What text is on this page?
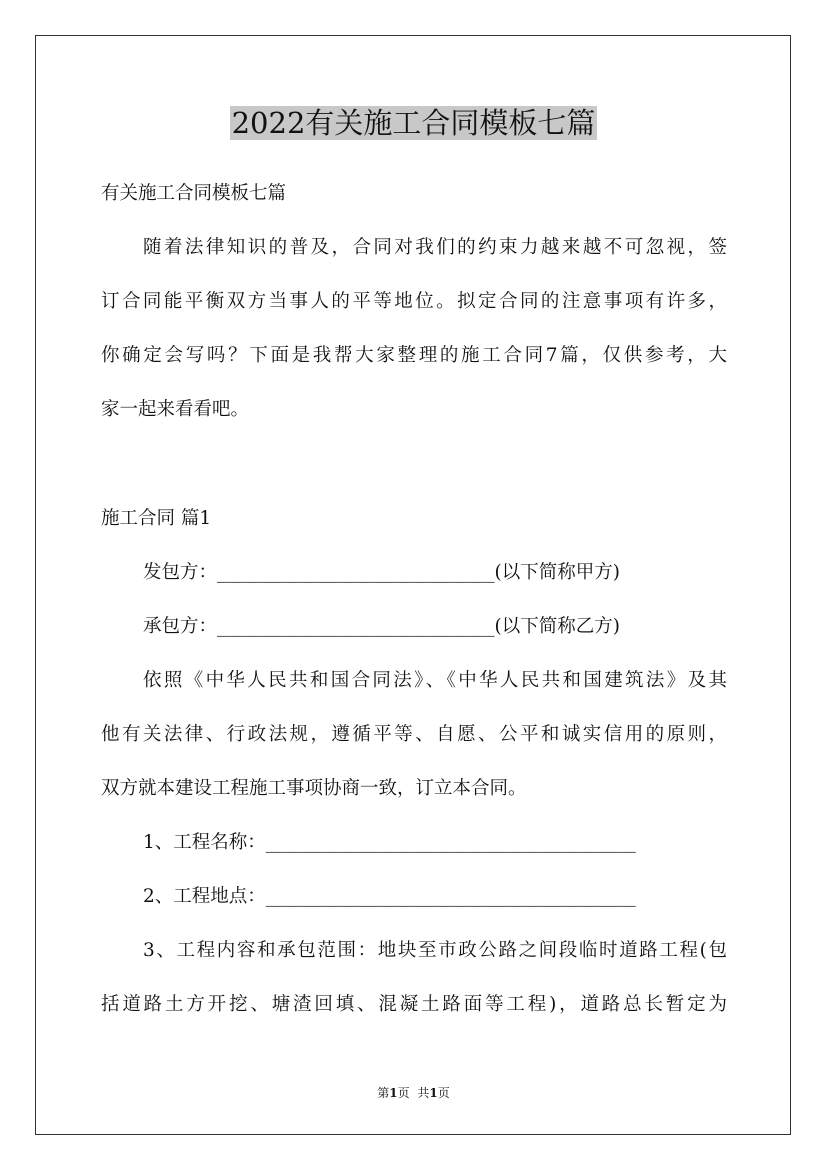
2022有关施工合同模板七篇
有关施工合同模板七篇
随着法律知识的普及，合同对我们的约束力越来越不可忽视，签
订合同能平衡双方当事人的平等地位。拟定合同的注意事项有许多，
你确定会写吗？下面是我帮大家整理的施工合同7篇，仅供参考，大
家一起来看看吧。
施工合同 篇1
发包方：______________________________(以下简称甲方)
承包方：______________________________(以下简称乙方)
依照《中华人民共和国合同法》、《中华人民共和国建筑法》及其
他有关法律、行政法规，遵循平等、自愿、公平和诚实信用的原则，
双方就本建设工程施工事项协商一致，订立本合同。
1、工程名称：________________________________________
2、工程地点：________________________________________
3、工程内容和承包范围：地块至市政公路之间段临时道路工程(包
括道路土方开挖、塘渣回填、混凝土路面等工程)，道路总长暂定为
第1页 共1页
